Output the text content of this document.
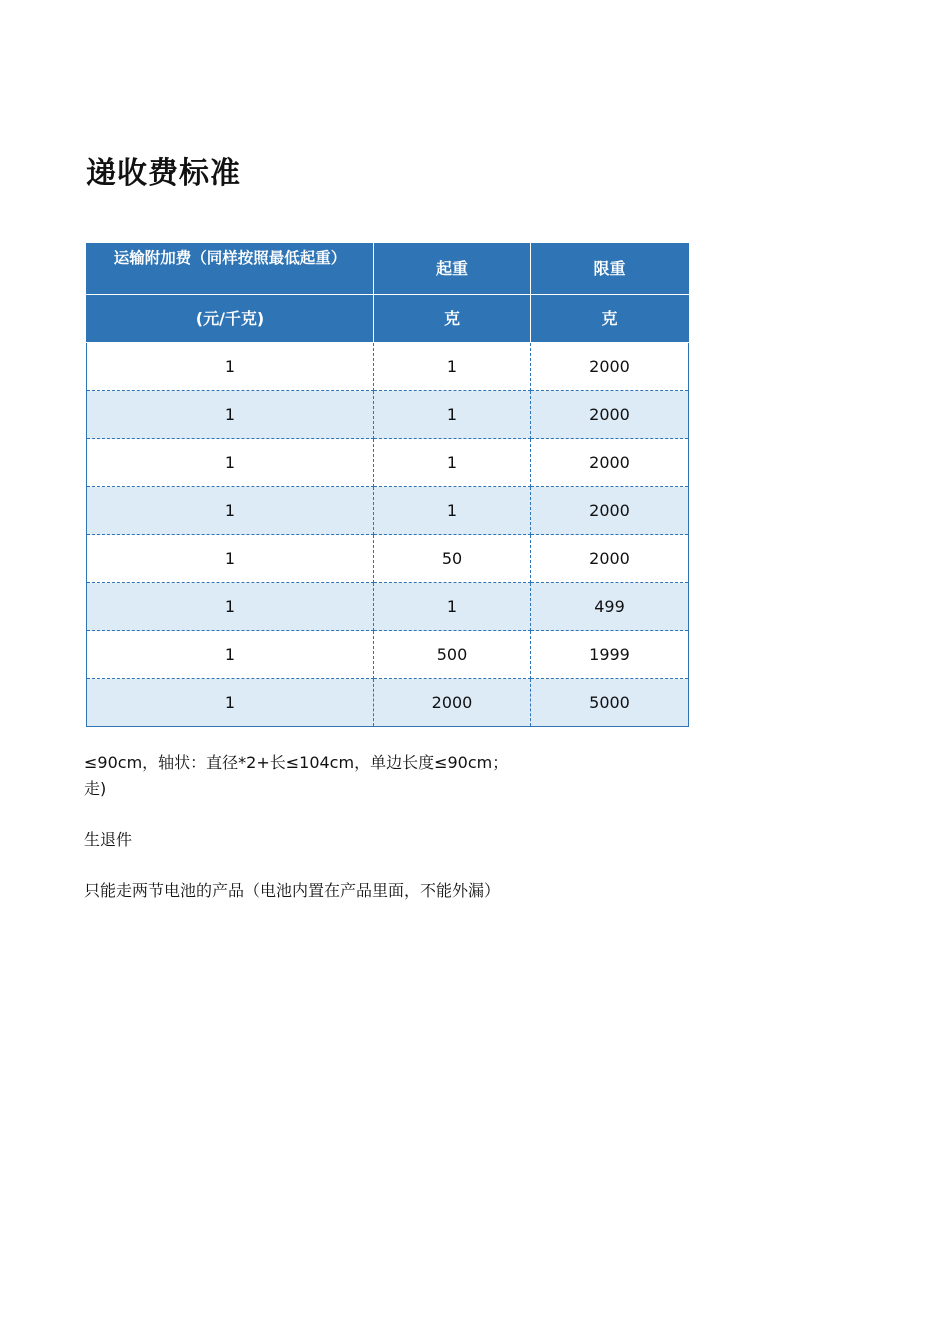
递收费标准
运输附加费（同样按照最低起重）	起重	限重
(元/千克)	克	克
1	1	2000
1	1	2000
1	1	2000
1	1	2000
1	50	2000
1	1	499
1	500	1999
1	2000	5000

≤90cm，轴状：直径*2+长≤104cm，单边长度≤90cm；

走)

生退件

只能走两节电池的产品（电池内置在产品里面，不能外漏）
